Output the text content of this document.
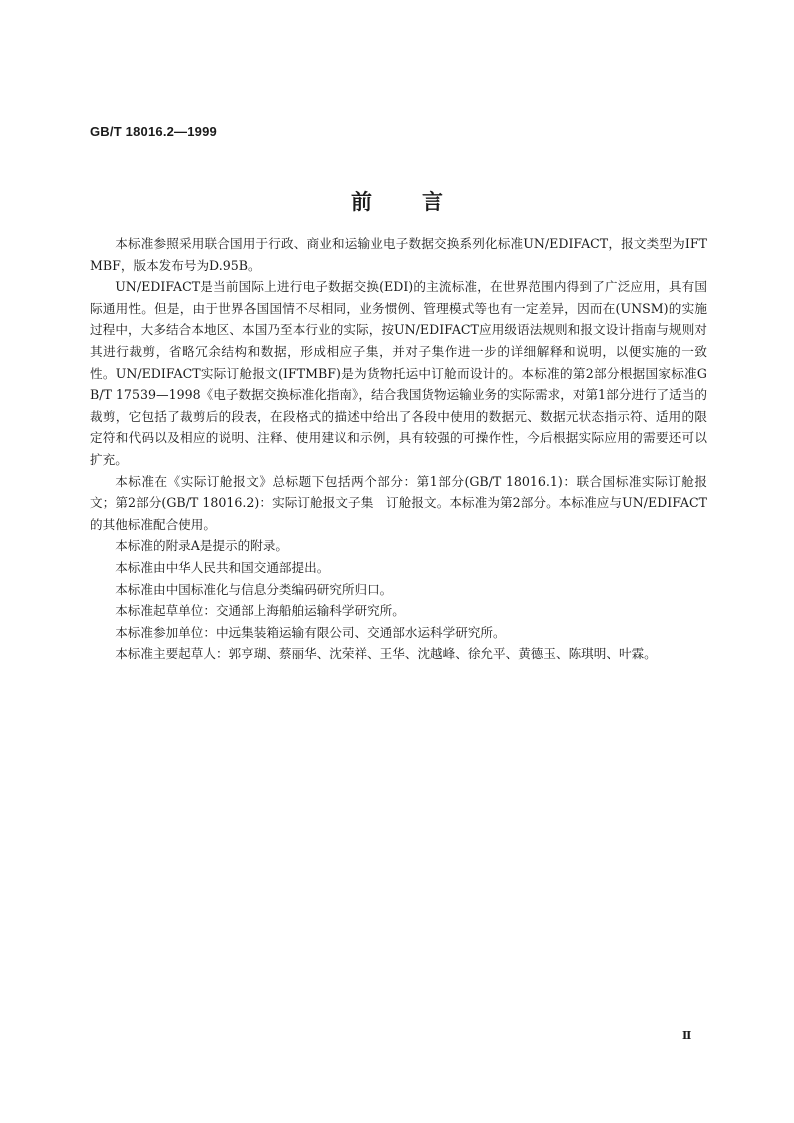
GB/T 18016.2—1999
前言

本标准参照采用联合国用于行政、商业和运输业电子数据交换系列化标准UN/EDIFACT，报文类型为IFTMBF，版本发布号为D.95B。

UN/EDIFACT是当前国际上进行电子数据交换(EDI)的主流标准，在世界范围内得到了广泛应用，具有国际通用性。但是，由于世界各国国情不尽相同，业务惯例、管理模式等也有一定差异，因而在(UNSM)的实施过程中，大多结合本地区、本国乃至本行业的实际，按UN/EDIFACT应用级语法规则和报文设计指南与规则对其进行裁剪，省略冗余结构和数据，形成相应子集，并对子集作进一步的详细解释和说明，以便实施的一致性。UN/EDIFACT实际订舱报文(IFTMBF)是为货物托运中订舱而设计的。本标准的第2部分根据国家标准GB/T 17539—1998《电子数据交换标准化指南》，结合我国货物运输业务的实际需求，对第1部分进行了适当的裁剪，它包括了裁剪后的段表，在段格式的描述中给出了各段中使用的数据元、数据元状态指示符、适用的限定符和代码以及相应的说明、注释、使用建议和示例，具有较强的可操作性，今后根据实际应用的需要还可以扩充。

本标准在《实际订舱报文》总标题下包括两个部分：第1部分(GB/T 18016.1)：联合国标准实际订舱报文；第2部分(GB/T 18016.2)：实际订舱报文子集　订舱报文。本标准为第2部分。本标准应与UN/EDIFACT的其他标准配合使用。

本标准的附录A是提示的附录。

本标准由中华人民共和国交通部提出。

本标准由中国标准化与信息分类编码研究所归口。

本标准起草单位：交通部上海船舶运输科学研究所。

本标准参加单位：中远集装箱运输有限公司、交通部水运科学研究所。

本标准主要起草人：郭亨瑚、蔡丽华、沈荣祥、王华、沈越峰、徐允平、黄德玉、陈琪明、叶霖。

Ⅱ
